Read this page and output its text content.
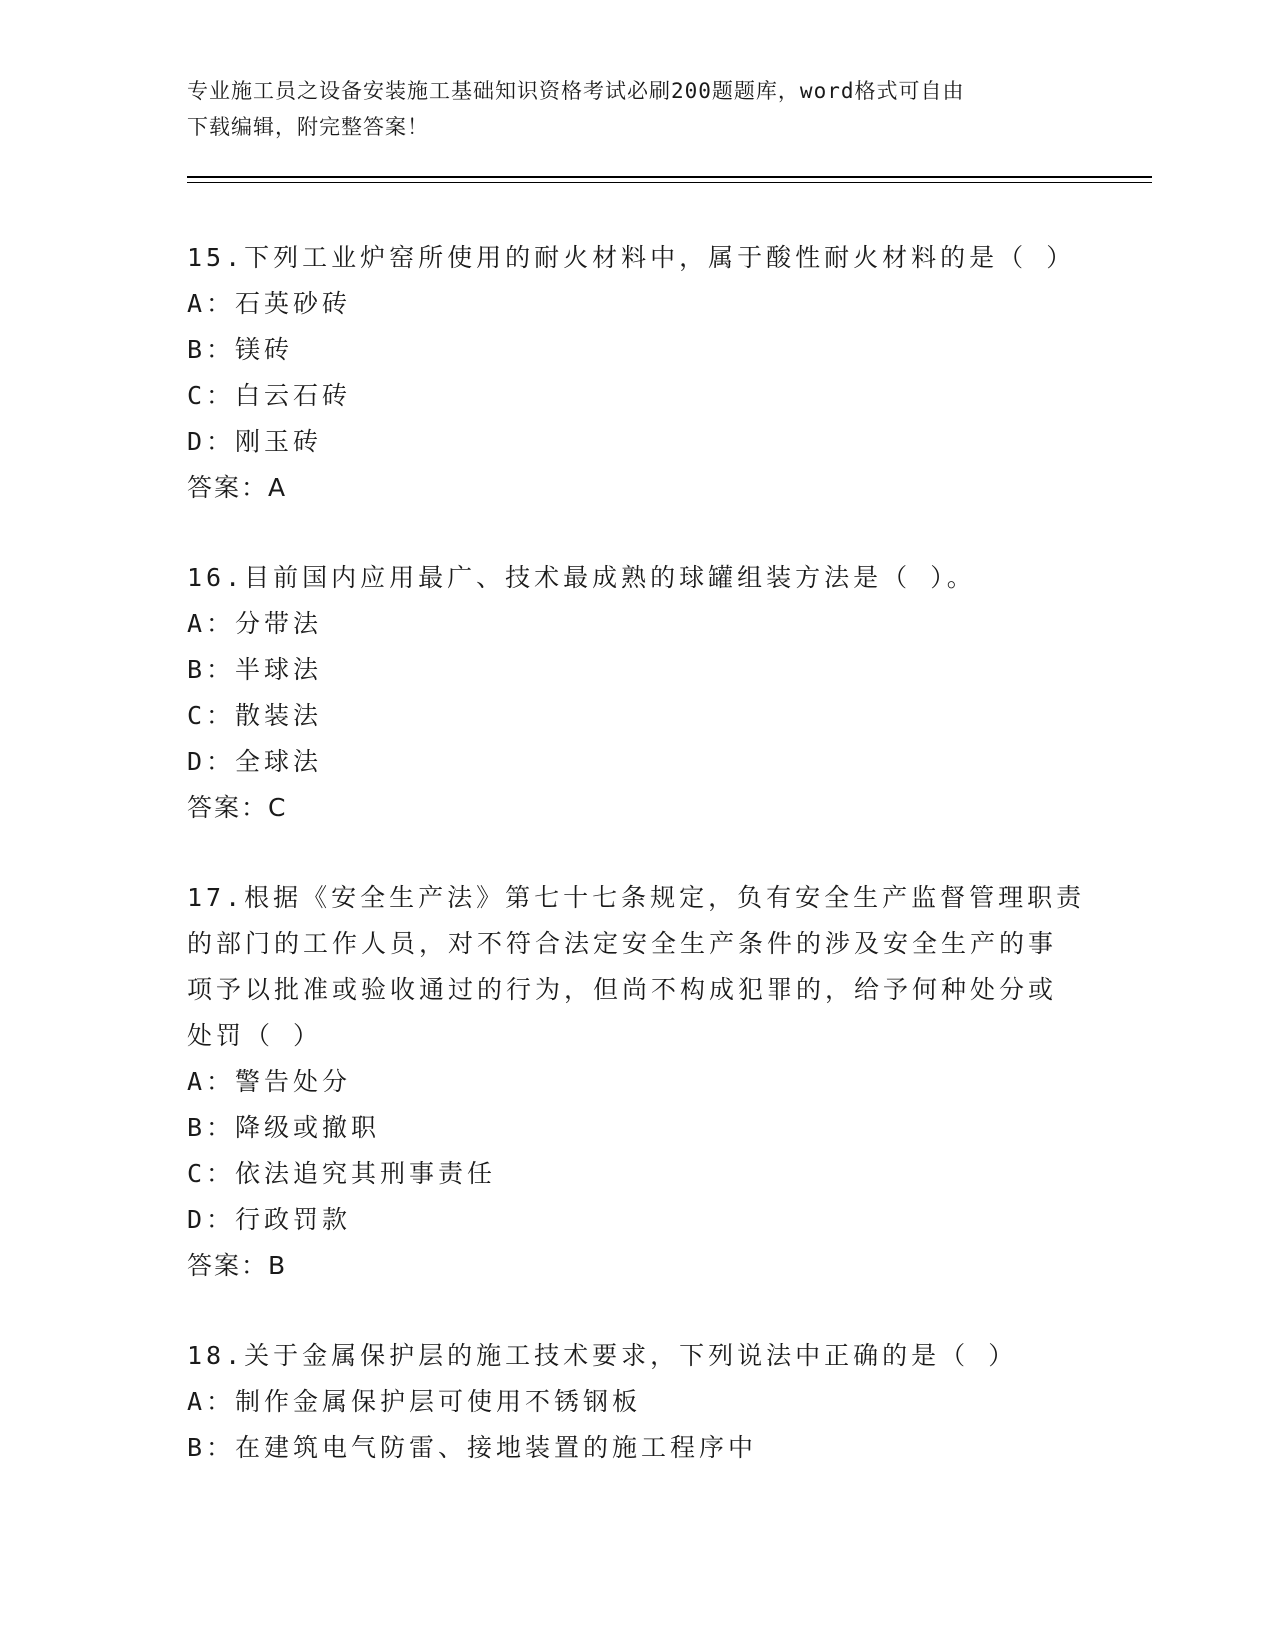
专业施工员之设备安装施工基础知识资格考试必刷200题题库，word格式可自由
下载编辑，附完整答案！
15.下列工业炉窑所使用的耐火材料中，属于酸性耐火材料的是（ ）
A：石英砂砖
B：镁砖
C：白云石砖
D：刚玉砖
答案：A
16.目前国内应用最广、技术最成熟的球罐组装方法是（ ）。
A：分带法
B：半球法
C：散装法
D：全球法
答案：C
17.根据《安全生产法》第七十七条规定，负有安全生产监督管理职责
的部门的工作人员，对不符合法定安全生产条件的涉及安全生产的事
项予以批准或验收通过的行为，但尚不构成犯罪的，给予何种处分或
处罚（ ）
A：警告处分
B：降级或撤职
C：依法追究其刑事责任
D：行政罚款
答案：B
18.关于金属保护层的施工技术要求，下列说法中正确的是（ ）
A：制作金属保护层可使用不锈钢板
B：在建筑电气防雷、接地装置的施工程序中
